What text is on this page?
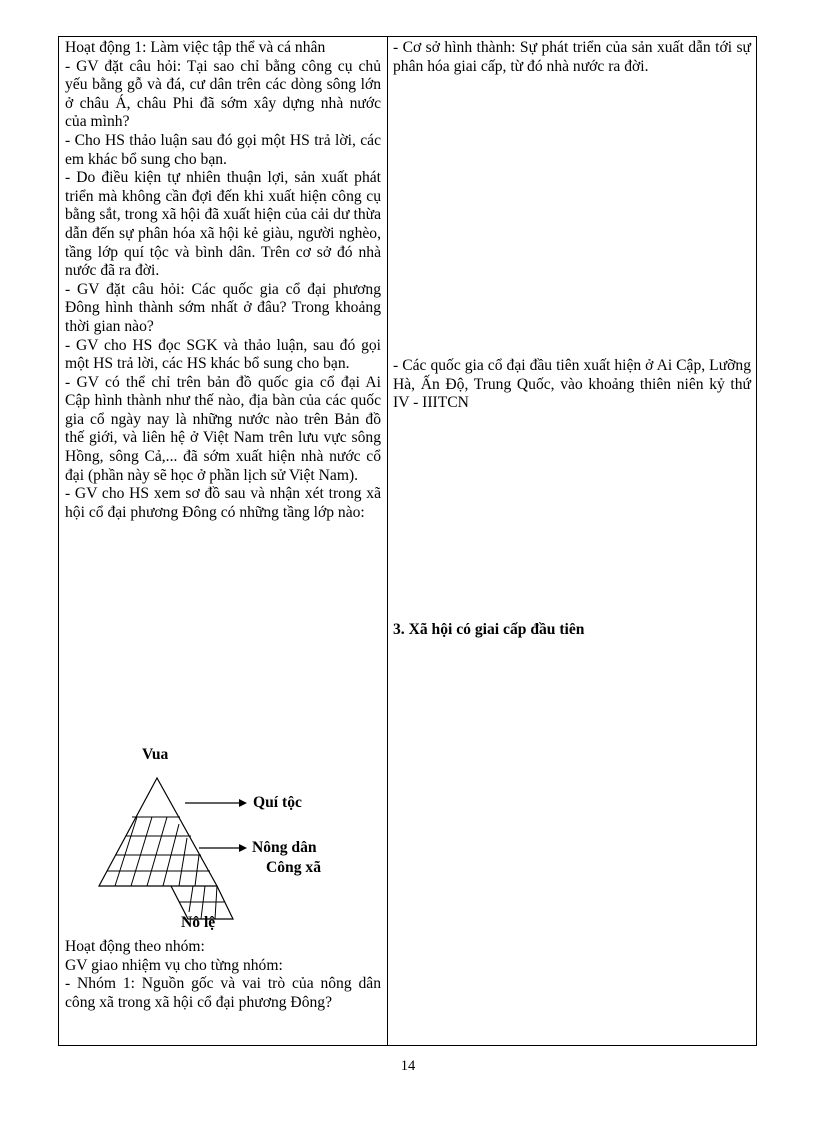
Hoạt động 1: Làm việc tập thể và cá nhân

- GV đặt câu hỏi: Tại sao chỉ bằng công cụ chủ yếu bằng gỗ và đá, cư dân trên các dòng sông lớn ở châu Á, châu Phi đã sớm xây dựng nhà nước của mình?

- Cho HS thảo luận sau đó gọi một HS trả lời, các em khác bổ sung cho bạn.

- Do điều kiện tự nhiên thuận lợi, sản xuất phát triển mà không cần đợi đến khi xuất hiện công cụ bằng sắt, trong xã hội đã xuất hiện của cải dư thừa dẫn đến sự phân hóa xã hội kẻ giàu, người nghèo, tầng lớp quí tộc và bình dân. Trên cơ sở đó nhà nước đã ra đời.

- GV đặt câu hỏi: Các quốc gia cổ đại phương Đông hình thành sớm nhất ở đâu? Trong khoảng thời gian nào?

- GV cho HS đọc SGK và thảo luận, sau đó gọi một HS trả lời, các HS khác bổ sung cho bạn.

- GV có thể chỉ trên bản đồ quốc gia cổ đại Ai Cập hình thành như thế nào, địa bàn của các quốc gia cổ ngày nay là những nước nào trên Bản đồ thế giới, và liên hệ ở Việt Nam trên lưu vực sông Hồng, sông Cả,... đã sớm xuất hiện nhà nước cổ đại (phần này sẽ học ở phần lịch sử Việt Nam).

- GV cho HS xem sơ đồ sau và nhận xét trong xã hội cổ đại phương Đông có những tầng lớp nào:

Vua
Quí tộc
Nông dân
Công xã
Nô lệ

Hoạt động theo nhóm:

GV giao nhiệm vụ cho từng nhóm:

- Nhóm 1: Nguồn gốc và vai trò của nông dân công xã trong xã hội cổ đại phương Đông?

- Cơ sở hình thành: Sự phát triển của sản xuất dẫn tới sự phân hóa giai cấp, từ đó nhà nước ra đời.

- Các quốc gia cổ đại đầu tiên xuất hiện ở Ai Cập, Lưỡng Hà, Ấn Độ, Trung Quốc, vào khoảng thiên niên kỷ thứ IV - IIITCN

3. Xã hội có giai cấp đầu tiên
14
